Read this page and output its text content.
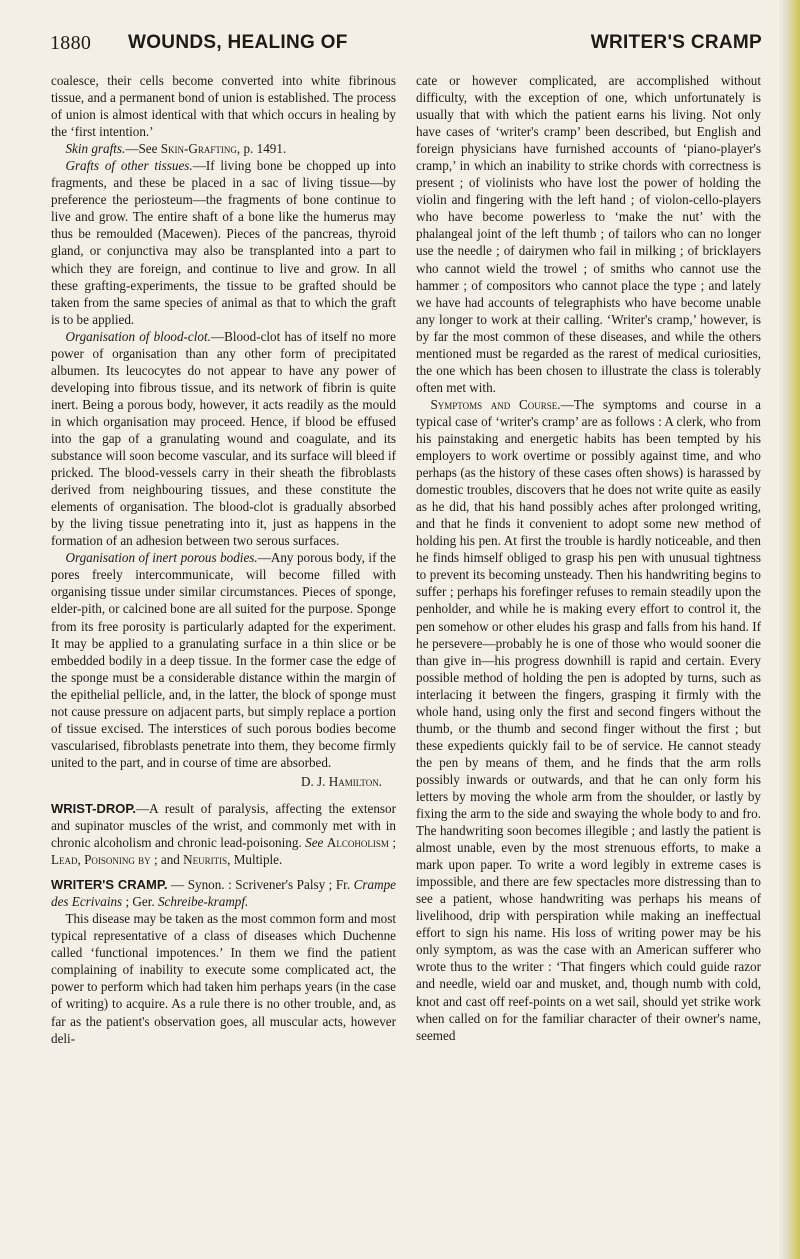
1880 WOUNDS, HEALING OF	WRITER'S CRAMP

coalesce, their cells become converted into white fibrinous tissue, and a permanent bond of union is established. The process of union is almost identical with that which occurs in healing by the ‘first intention.’

Skin grafts.—See Skin-Grafting, p. 1491.

Grafts of other tissues.—If living bone be chopped up into fragments, and these be placed in a sac of living tissue—by preference the periosteum—the fragments of bone continue to live and grow. The entire shaft of a bone like the humerus may thus be remoulded (Macewen). Pieces of the pancreas, thyroid gland, or conjunctiva may also be transplanted into a part to which they are foreign, and continue to live and grow. In all these grafting-experiments, the tissue to be grafted should be taken from the same species of animal as that to which the graft is to be applied.

Organisation of blood-clot.—Blood-clot has of itself no more power of organisation than any other form of precipitated albumen. Its leucocytes do not appear to have any power of developing into fibrous tissue, and its network of fibrin is quite inert. Being a porous body, however, it acts readily as the mould in which organisation may proceed. Hence, if blood be effused into the gap of a granulating wound and coagulate, and its substance will soon become vascular, and its surface will bleed if pricked. The blood-vessels carry in their sheath the fibroblasts derived from neighbouring tissues, and these constitute the elements of organisation. The blood-clot is gradually absorbed by the living tissue penetrating into it, just as happens in the formation of an adhesion between two serous surfaces.

Organisation of inert porous bodies.—Any porous body, if the pores freely intercommunicate, will become filled with organising tissue under similar circumstances. Pieces of sponge, elder-pith, or calcined bone are all suited for the purpose. Sponge from its free porosity is particularly adapted for the experiment. It may be applied to a granulating surface in a thin slice or be embedded bodily in a deep tissue. In the former case the edge of the sponge must be a considerable distance within the margin of the epithelial pellicle, and, in the latter, the block of sponge must not cause pressure on adjacent parts, but simply replace a portion of tissue excised. The interstices of such porous bodies become vascularised, fibroblasts penetrate into them, they become firmly united to the part, and in course of time are absorbed.

D. J. Hamilton.

WRIST-DROP.—A result of paralysis, affecting the extensor and supinator muscles of the wrist, and commonly met with in chronic alcoholism and chronic lead-poisoning. See Alcoholism ; Lead, Poisoning by ; and Neuritis, Multiple.

WRITER'S CRAMP. — Synon. : Scrivener's Palsy ; Fr. Crampe des Ecrivains ; Ger. Schreibe-krampf.

This disease may be taken as the most common form and most typical representative of a class of diseases which Duchenne called ‘functional impotences.’ In them we find the patient complaining of inability to execute some complicated act, the power to perform which had taken him perhaps years (in the case of writing) to acquire. As a rule there is no other trouble, and, as far as the patient's observation goes, all muscular acts, however deli-

cate or however complicated, are accomplished without difficulty, with the exception of one, which unfortunately is usually that with which the patient earns his living. Not only have cases of ‘writer's cramp’ been described, but English and foreign physicians have furnished accounts of ‘piano-player's cramp,’ in which an inability to strike chords with correctness is present ; of violinists who have lost the power of holding the violin and fingering with the left hand ; of violon-cello-players who have become powerless to ‘make the nut’ with the phalangeal joint of the left thumb ; of tailors who can no longer use the needle ; of dairymen who fail in milking ; of bricklayers who cannot wield the trowel ; of smiths who cannot use the hammer ; of compositors who cannot place the type ; and lately we have had accounts of telegraphists who have become unable any longer to work at their calling. ‘Writer's cramp,’ however, is by far the most common of these diseases, and while the others mentioned must be regarded as the rarest of medical curiosities, the one which has been chosen to illustrate the class is tolerably often met with.

Symptoms and Course.—The symptoms and course in a typical case of ‘writer's cramp’ are as follows : A clerk, who from his painstaking and energetic habits has been tempted by his employers to work overtime or possibly against time, and who perhaps (as the history of these cases often shows) is harassed by domestic troubles, discovers that he does not write quite as easily as he did, that his hand possibly aches after prolonged writing, and that he finds it convenient to adopt some new method of holding his pen. At first the trouble is hardly noticeable, and then he finds himself obliged to grasp his pen with unusual tightness to prevent its becoming unsteady. Then his handwriting begins to suffer ; perhaps his forefinger refuses to remain steadily upon the penholder, and while he is making every effort to control it, the pen somehow or other eludes his grasp and falls from his hand. If he persevere—probably he is one of those who would sooner die than give in—his progress downhill is rapid and certain. Every possible method of holding the pen is adopted by turns, such as interlacing it between the fingers, grasping it firmly with the whole hand, using only the first and second fingers without the thumb, or the thumb and second finger without the first ; but these expedients quickly fail to be of service. He cannot steady the pen by means of them, and he finds that the arm rolls possibly inwards or outwards, and that he can only form his letters by moving the whole arm from the shoulder, or lastly by fixing the arm to the side and swaying the whole body to and fro. The handwriting soon becomes illegible ; and lastly the patient is almost unable, even by the most strenuous efforts, to make a mark upon paper. To write a word legibly in extreme cases is impossible, and there are few spectacles more distressing than to see a patient, whose handwriting was perhaps his means of livelihood, drip with perspiration while making an ineffectual effort to sign his name. His loss of writing power may be his only symptom, as was the case with an American sufferer who wrote thus to the writer : ‘That fingers which could guide razor and needle, wield oar and musket, and, though numb with cold, knot and cast off reef-points on a wet sail, should yet strike work when called on for the familiar character of their owner's name, seemed
